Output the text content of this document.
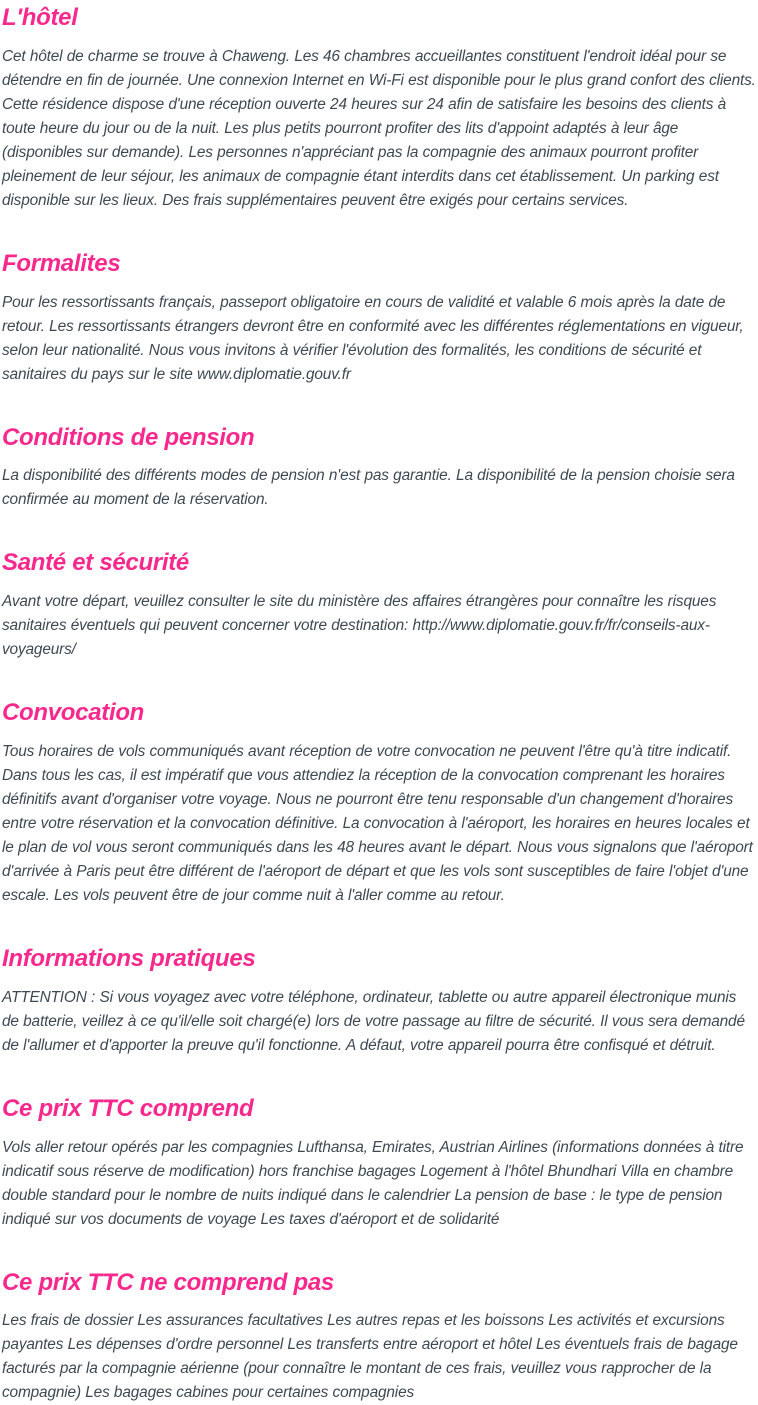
L'hôtel

Cet hôtel de charme se trouve à Chaweng. Les 46 chambres accueillantes constituent l'endroit idéal pour se détendre en fin de journée. Une connexion Internet en Wi-Fi est disponible pour le plus grand confort des clients. Cette résidence dispose d'une réception ouverte 24 heures sur 24 afin de satisfaire les besoins des clients à toute heure du jour ou de la nuit. Les plus petits pourront profiter des lits d'appoint adaptés à leur âge (disponibles sur demande). Les personnes n'appréciant pas la compagnie des animaux pourront profiter pleinement de leur séjour, les animaux de compagnie étant interdits dans cet établissement. Un parking est disponible sur les lieux. Des frais supplémentaires peuvent être exigés pour certains services.

Formalites

Pour les ressortissants français, passeport obligatoire en cours de validité et valable 6 mois après la date de retour. Les ressortissants étrangers devront être en conformité avec les différentes réglementations en vigueur, selon leur nationalité. Nous vous invitons à vérifier l'évolution des formalités, les conditions de sécurité et sanitaires du pays sur le site www.diplomatie.gouv.fr

Conditions de pension

La disponibilité des différents modes de pension n'est pas garantie. La disponibilité de la pension choisie sera confirmée au moment de la réservation.

Santé et sécurité

Avant votre départ, veuillez consulter le site du ministère des affaires étrangères pour connaître les risques sanitaires éventuels qui peuvent concerner votre destination: http://www.diplomatie.gouv.fr/fr/conseils-aux-voyageurs/

Convocation

Tous horaires de vols communiqués avant réception de votre convocation ne peuvent l'être qu'à titre indicatif. Dans tous les cas, il est impératif que vous attendiez la réception de la convocation comprenant les horaires définitifs avant d'organiser votre voyage. Nous ne pourront être tenu responsable d'un changement d'horaires entre votre réservation et la convocation définitive. La convocation à l'aéroport, les horaires en heures locales et le plan de vol vous seront communiqués dans les 48 heures avant le départ. Nous vous signalons que l'aéroport d'arrivée à Paris peut être différent de l'aéroport de départ et que les vols sont susceptibles de faire l'objet d'une escale. Les vols peuvent être de jour comme nuit à l'aller comme au retour.

Informations pratiques

ATTENTION : Si vous voyagez avec votre téléphone, ordinateur, tablette ou autre appareil électronique munis de batterie, veillez à ce qu'il/elle soit chargé(e) lors de votre passage au filtre de sécurité. Il vous sera demandé de l'allumer et d'apporter la preuve qu'il fonctionne. A défaut, votre appareil pourra être confisqué et détruit.

Ce prix TTC comprend

Vols aller retour opérés par les compagnies Lufthansa, Emirates, Austrian Airlines (informations données à titre indicatif sous réserve de modification) hors franchise bagages Logement à l'hôtel Bhundhari Villa en chambre double standard pour le nombre de nuits indiqué dans le calendrier La pension de base : le type de pension indiqué sur vos documents de voyage Les taxes d'aéroport et de solidarité

Ce prix TTC ne comprend pas

Les frais de dossier Les assurances facultatives Les autres repas et les boissons Les activités et excursions payantes Les dépenses d'ordre personnel Les transferts entre aéroport et hôtel Les éventuels frais de bagage facturés par la compagnie aérienne (pour connaître le montant de ces frais, veuillez vous rapprocher de la compagnie) Les bagages cabines pour certaines compagnies
